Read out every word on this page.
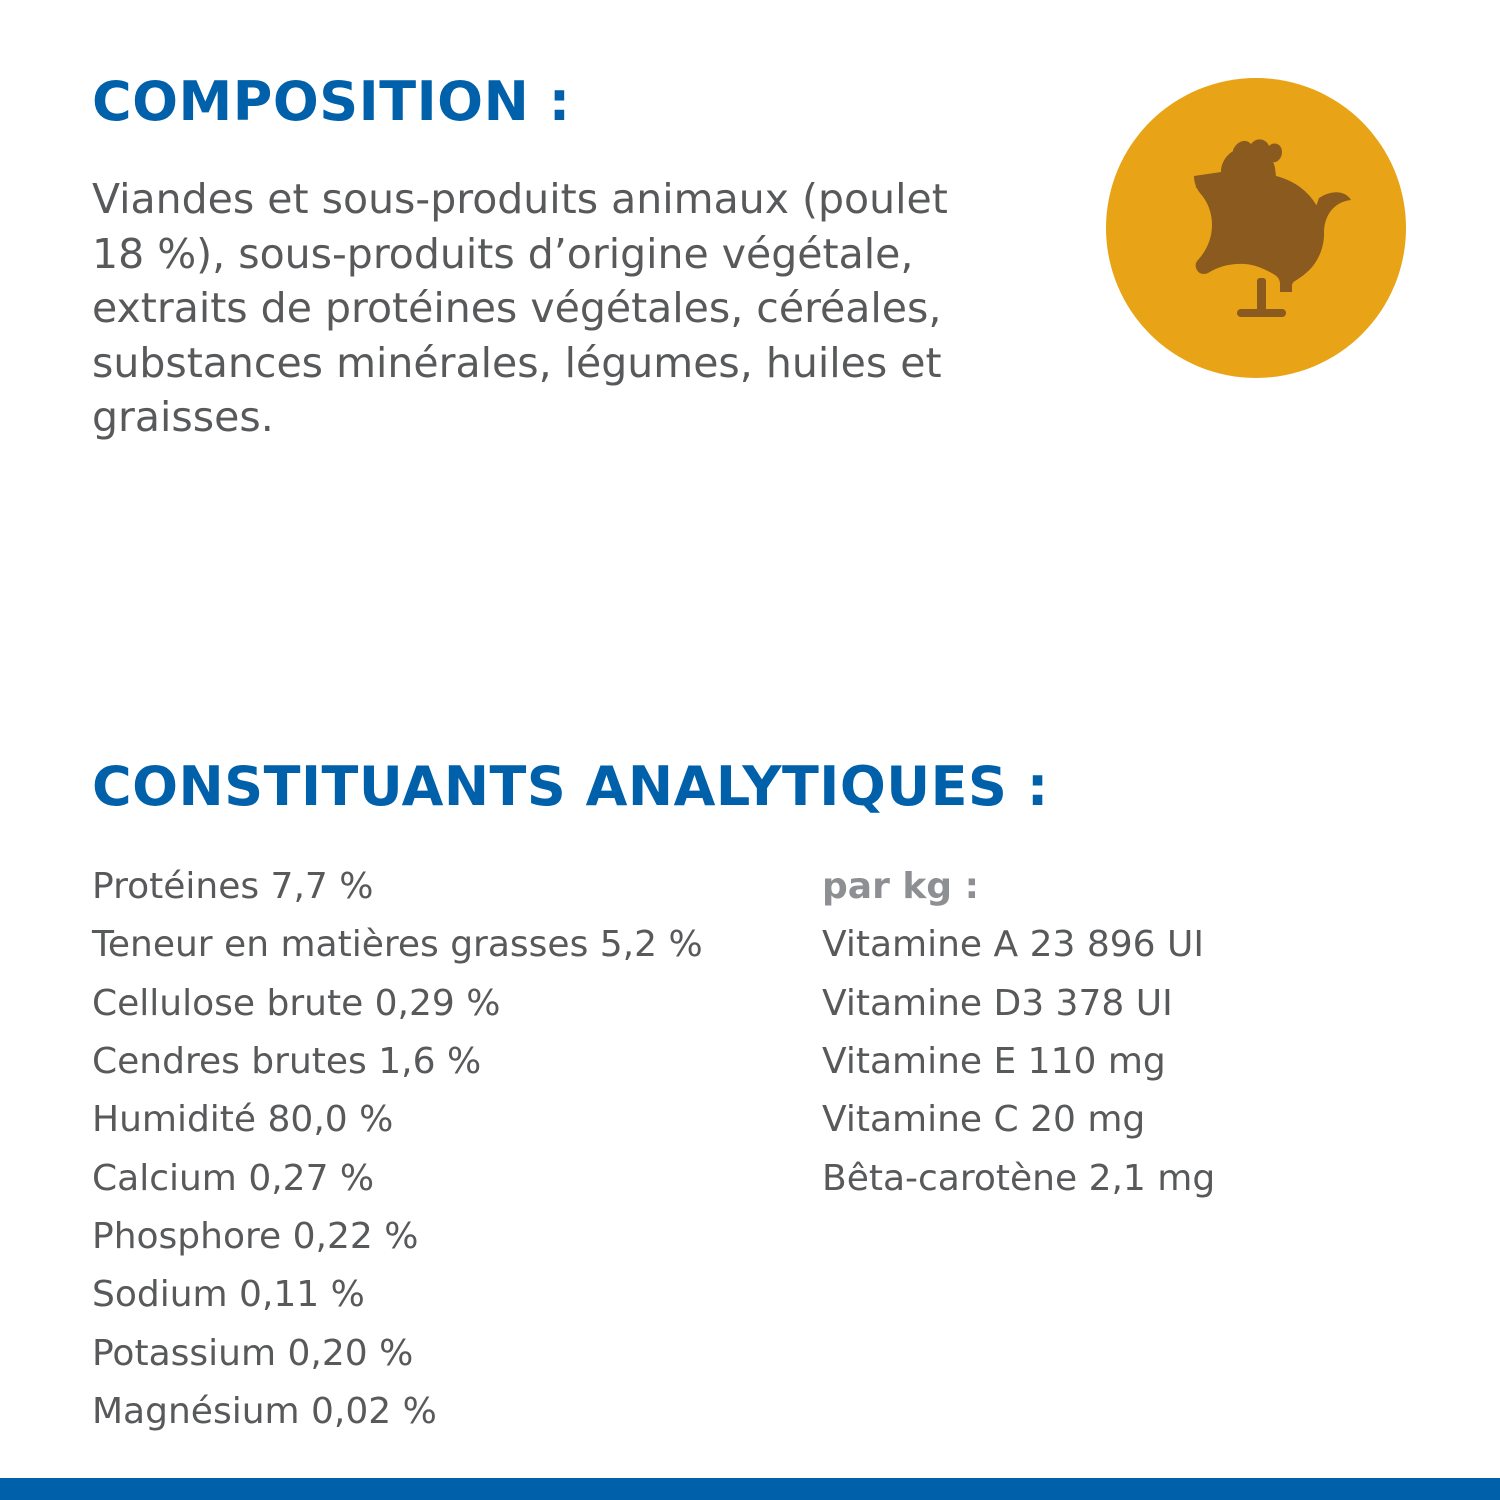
COMPOSITION :

Viandes et sous-produits animaux (poulet 18 %), sous-produits d’origine végétale, extraits de protéines végétales, céréales, substances minérales, légumes, huiles et graisses.

CONSTITUANTS ANALYTIQUES :
Protéines 7,7 %
Teneur en matières grasses 5,2 %
Cellulose brute 0,29 %
Cendres brutes 1,6 %
Humidité 80,0 %
Calcium 0,27 %
Phosphore 0,22 %
Sodium 0,11 %
Potassium 0,20 %
Magnésium 0,02 %
par kg :
Vitamine A 23 896 UI
Vitamine D3 378 UI
Vitamine E 110 mg
Vitamine C 20 mg
Bêta-carotène 2,1 mg
